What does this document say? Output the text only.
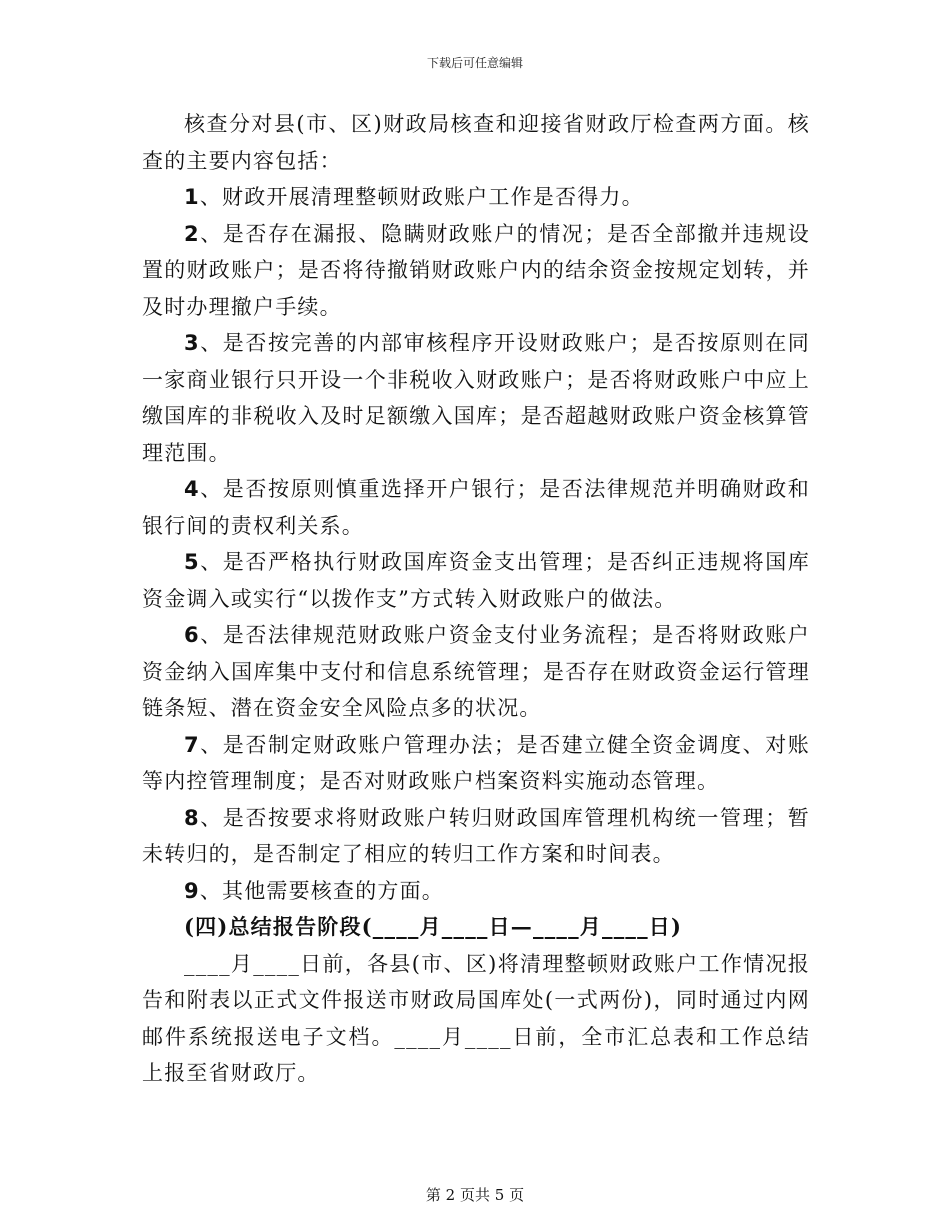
下载后可任意编辑

核查分对县(市、区)财政局核查和迎接省财政厅检查两方面。核查的主要内容包括：

1、财政开展清理整顿财政账户工作是否得力。

2、是否存在漏报、隐瞒财政账户的情况；是否全部撤并违规设置的财政账户；是否将待撤销财政账户内的结余资金按规定划转，并及时办理撤户手续。

3、是否按完善的内部审核程序开设财政账户；是否按原则在同一家商业银行只开设一个非税收入财政账户；是否将财政账户中应上缴国库的非税收入及时足额缴入国库；是否超越财政账户资金核算管理范围。

4、是否按原则慎重选择开户银行；是否法律规范并明确财政和银行间的责权利关系。

5、是否严格执行财政国库资金支出管理；是否纠正违规将国库资金调入或实行“以拨作支”方式转入财政账户的做法。

6、是否法律规范财政账户资金支付业务流程；是否将财政账户资金纳入国库集中支付和信息系统管理；是否存在财政资金运行管理链条短、潜在资金安全风险点多的状况。

7、是否制定财政账户管理办法；是否建立健全资金调度、对账等内控管理制度；是否对财政账户档案资料实施动态管理。

8、是否按要求将财政账户转归财政国库管理机构统一管理；暂未转归的，是否制定了相应的转归工作方案和时间表。

9、其他需要核查的方面。

(四)总结报告阶段(____月____日—____月____日)

____月____日前，各县(市、区)将清理整顿财政账户工作情况报告和附表以正式文件报送市财政局国库处(一式两份)，同时通过内网邮件系统报送电子文档。____月____日前，全市汇总表和工作总结上报至省财政厅。

第 2 页共 5 页
